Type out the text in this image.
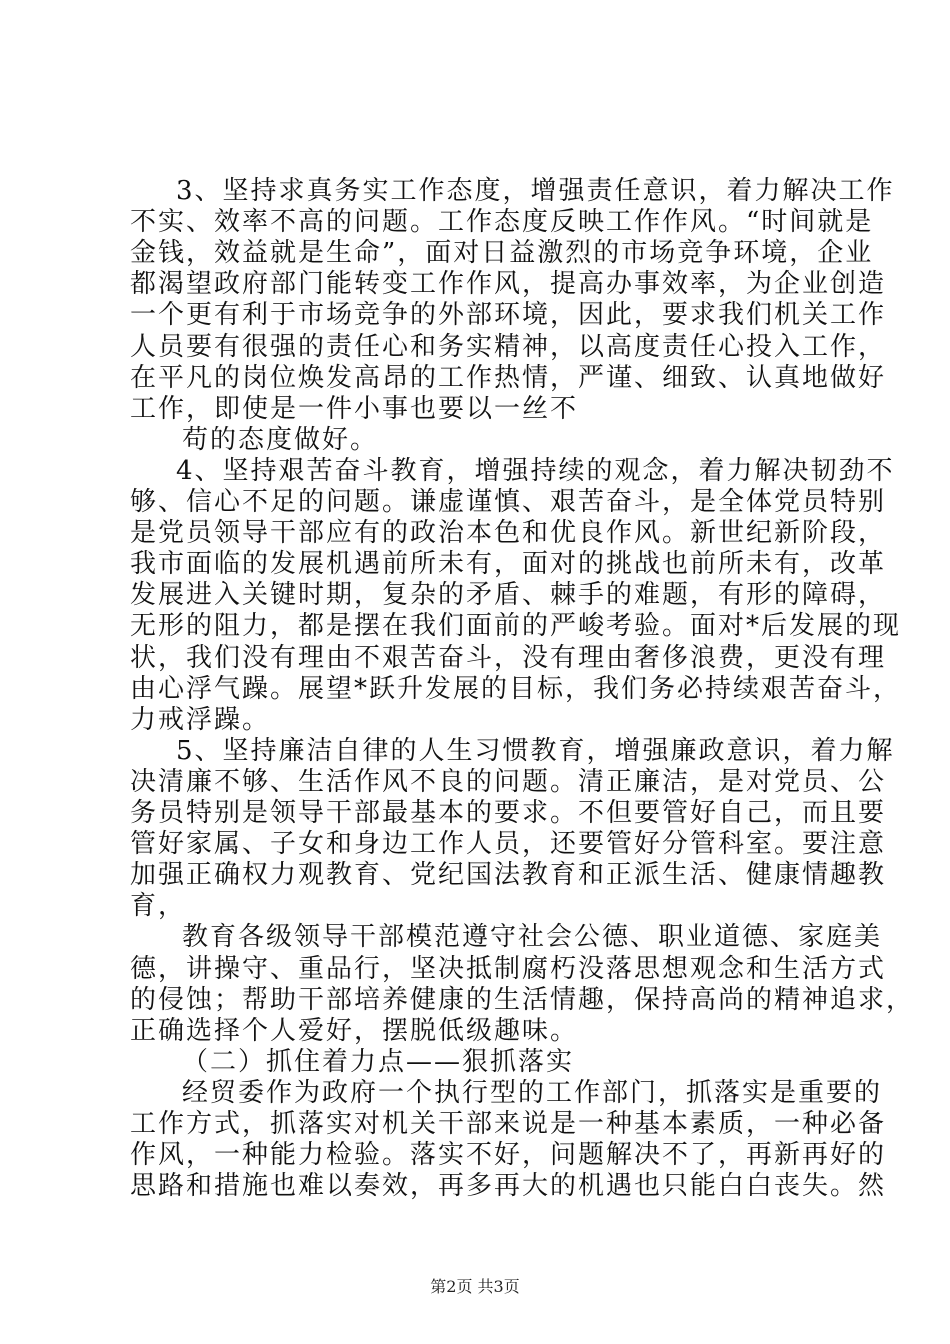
3、坚持求真务实工作态度，增强责任意识，着力解决工作
不实、效率不高的问题。工作态度反映工作作风。“时间就是
金钱，效益就是生命”，面对日益激烈的市场竞争环境，企业
都渴望政府部门能转变工作作风，提高办事效率，为企业创造
一个更有利于市场竞争的外部环境，因此，要求我们机关工作
人员要有很强的责任心和务实精神，以高度责任心投入工作，
在平凡的岗位焕发高昂的工作热情，严谨、细致、认真地做好
工作，即使是一件小事也要以一丝不
苟的态度做好。
4、坚持艰苦奋斗教育，增强持续的观念，着力解决韧劲不
够、信心不足的问题。谦虚谨慎、艰苦奋斗，是全体党员特别
是党员领导干部应有的政治本色和优良作风。新世纪新阶段，
我市面临的发展机遇前所未有，面对的挑战也前所未有，改革
发展进入关键时期，复杂的矛盾、棘手的难题，有形的障碍，
无形的阻力，都是摆在我们面前的严峻考验。面对*后发展的现
状，我们没有理由不艰苦奋斗，没有理由奢侈浪费，更没有理
由心浮气躁。展望*跃升发展的目标，我们务必持续艰苦奋斗，
力戒浮躁。
5、坚持廉洁自律的人生习惯教育，增强廉政意识，着力解
决清廉不够、生活作风不良的问题。清正廉洁，是对党员、公
务员特别是领导干部最基本的要求。不但要管好自己，而且要
管好家属、子女和身边工作人员，还要管好分管科室。要注意
加强正确权力观教育、党纪国法教育和正派生活、健康情趣教
育，
教育各级领导干部模范遵守社会公德、职业道德、家庭美
德，讲操守、重品行，坚决抵制腐朽没落思想观念和生活方式
的侵蚀；帮助干部培养健康的生活情趣，保持高尚的精神追求，
正确选择个人爱好，摆脱低级趣味。
（二）抓住着力点——狠抓落实
经贸委作为政府一个执行型的工作部门，抓落实是重要的
工作方式，抓落实对机关干部来说是一种基本素质，一种必备
作风，一种能力检验。落实不好，问题解决不了，再新再好的
思路和措施也难以奏效，再多再大的机遇也只能白白丧失。然
第2页 共3页
